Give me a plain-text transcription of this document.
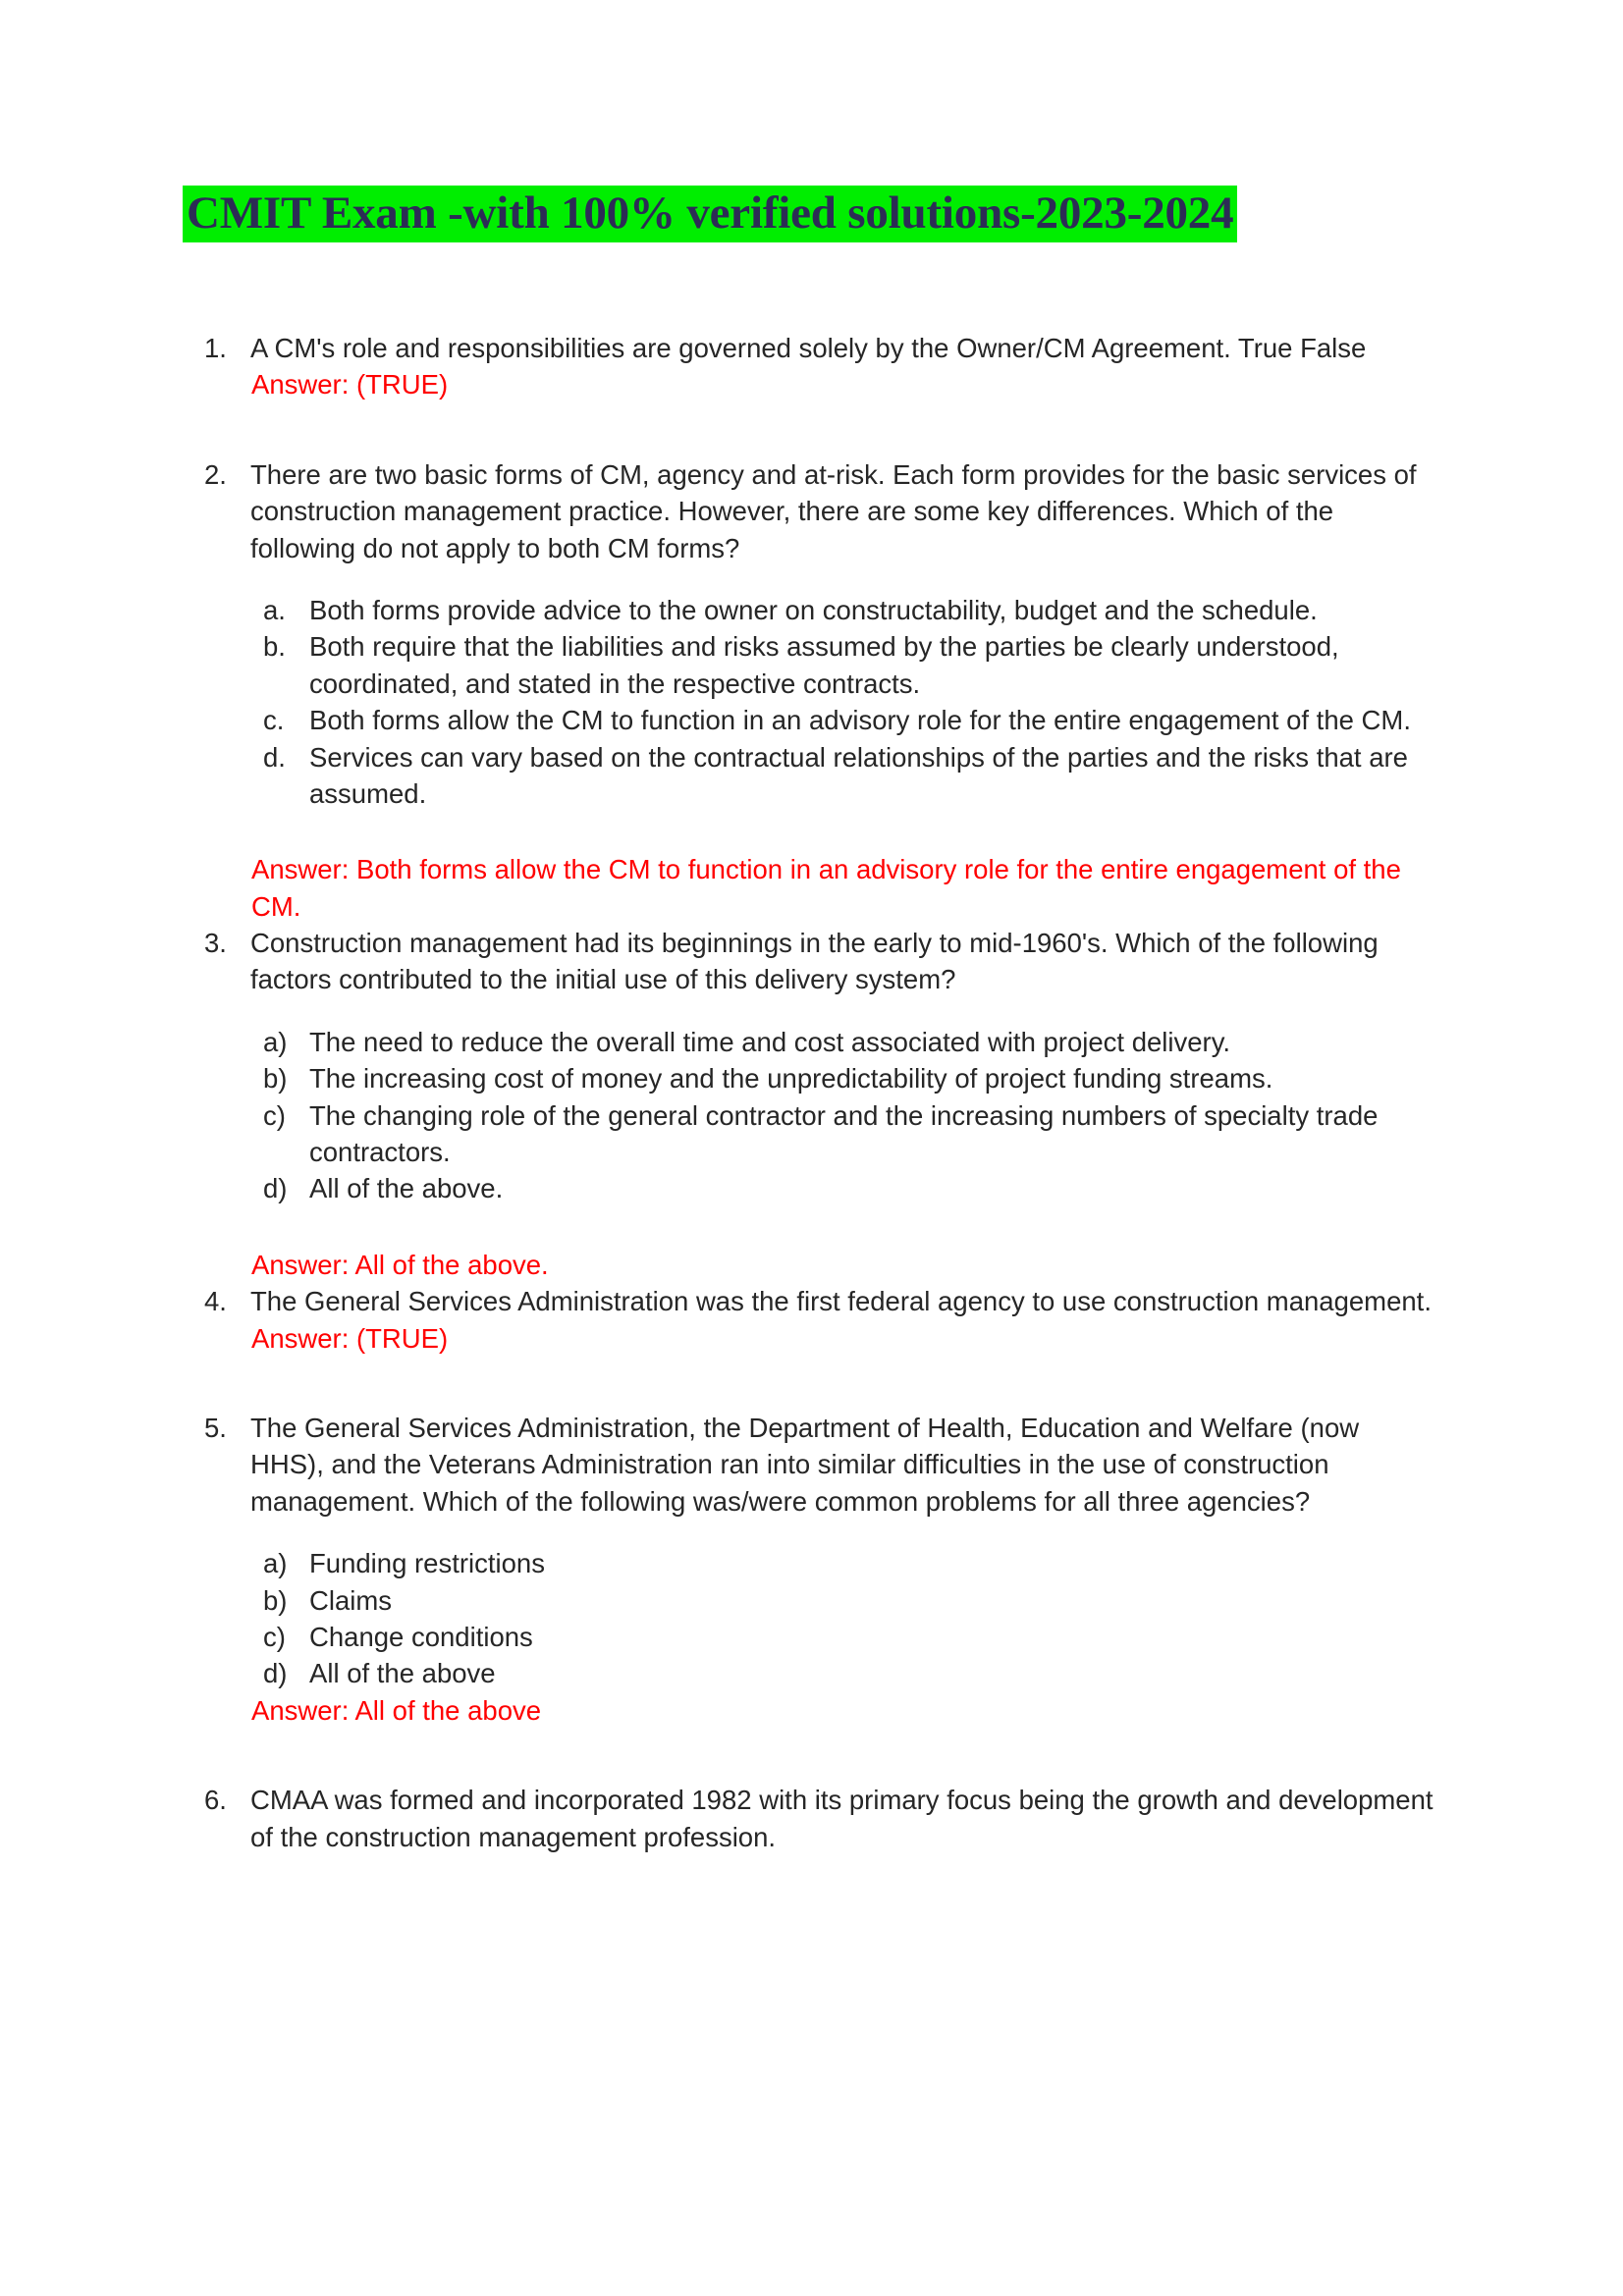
CMIT Exam -with 100% verified solutions-2023-2024
1. A CM's role and responsibilities are governed solely by the Owner/CM Agreement. True False
Answer: (TRUE)
2. There are two basic forms of CM, agency and at-risk. Each form provides for the basic services of construction management practice. However, there are some key differences. Which of the following do not apply to both CM forms?
a. Both forms provide advice to the owner on constructability, budget and the schedule.
b. Both require that the liabilities and risks assumed by the parties be clearly understood, coordinated, and stated in the respective contracts.
c. Both forms allow the CM to function in an advisory role for the entire engagement of the CM.
d. Services can vary based on the contractual relationships of the parties and the risks that are assumed.
Answer: Both forms allow the CM to function in an advisory role for the entire engagement of the CM.
3. Construction management had its beginnings in the early to mid-1960's. Which of the following factors contributed to the initial use of this delivery system?
a) The need to reduce the overall time and cost associated with project delivery.
b) The increasing cost of money and the unpredictability of project funding streams.
c) The changing role of the general contractor and the increasing numbers of specialty trade contractors.
d) All of the above.
Answer: All of the above.
4. The General Services Administration was the first federal agency to use construction management.
Answer: (TRUE)
5. The General Services Administration, the Department of Health, Education and Welfare (now HHS), and the Veterans Administration ran into similar difficulties in the use of construction management. Which of the following was/were common problems for all three agencies?
a) Funding restrictions
b) Claims
c) Change conditions
d) All of the above
Answer: All of the above
6. CMAA was formed and incorporated 1982 with its primary focus being the growth and development of the construction management profession.
